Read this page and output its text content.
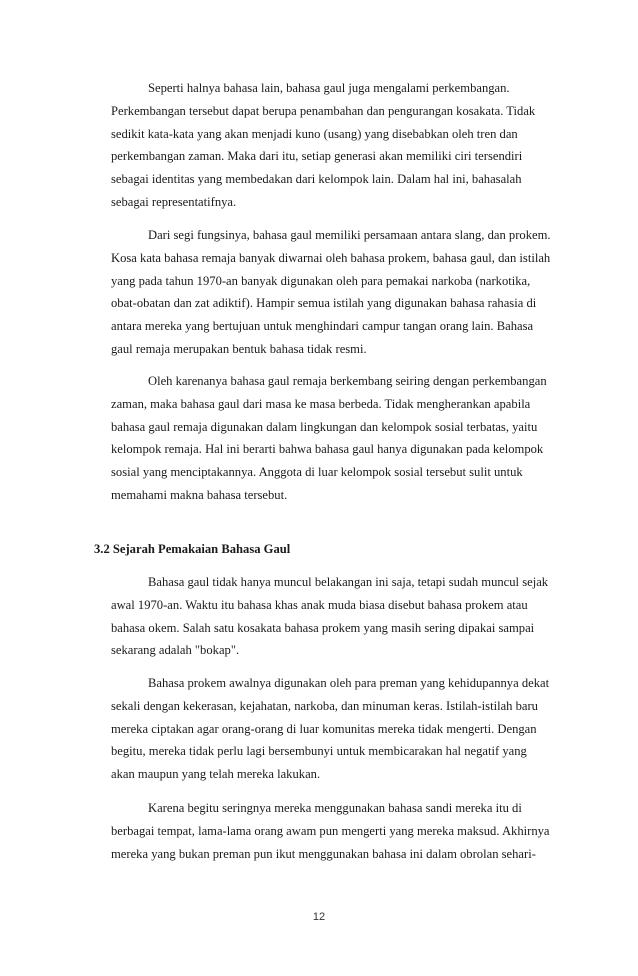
Seperti halnya bahasa lain, bahasa gaul juga mengalami perkembangan.
Perkembangan tersebut dapat berupa penambahan dan pengurangan kosakata. Tidak
sedikit kata-kata yang akan menjadi kuno (usang) yang disebabkan oleh tren dan
perkembangan zaman. Maka dari itu, setiap generasi akan memiliki ciri tersendiri
sebagai identitas yang membedakan dari kelompok lain. Dalam hal ini, bahasalah
sebagai representatifnya.

Dari segi fungsinya, bahasa gaul memiliki persamaan antara slang, dan prokem.
Kosa kata bahasa remaja banyak diwarnai oleh bahasa prokem, bahasa gaul, dan istilah
yang pada tahun 1970-an banyak digunakan oleh para pemakai narkoba (narkotika,
obat-obatan dan zat adiktif). Hampir semua istilah yang digunakan bahasa rahasia di
antara mereka yang bertujuan untuk menghindari campur tangan orang lain. Bahasa
gaul remaja merupakan bentuk bahasa tidak resmi.

Oleh karenanya bahasa gaul remaja berkembang seiring dengan perkembangan
zaman, maka bahasa gaul dari masa ke masa berbeda. Tidak mengherankan apabila
bahasa gaul remaja digunakan dalam lingkungan dan kelompok sosial terbatas, yaitu
kelompok remaja. Hal ini berarti bahwa bahasa gaul hanya digunakan pada kelompok
sosial yang menciptakannya. Anggota di luar kelompok sosial tersebut sulit untuk
memahami makna bahasa tersebut.

3.2 Sejarah Pemakaian Bahasa Gaul

Bahasa gaul tidak hanya muncul belakangan ini saja, tetapi sudah muncul sejak
awal 1970-an. Waktu itu bahasa khas anak muda biasa disebut bahasa prokem atau
bahasa okem. Salah satu kosakata bahasa prokem yang masih sering dipakai sampai
sekarang adalah "bokap".

Bahasa prokem awalnya digunakan oleh para preman yang kehidupannya dekat
sekali dengan kekerasan, kejahatan, narkoba, dan minuman keras. Istilah-istilah baru
mereka ciptakan agar orang-orang di luar komunitas mereka tidak mengerti. Dengan
begitu, mereka tidak perlu lagi bersembunyi untuk membicarakan hal negatif yang
akan maupun yang telah mereka lakukan.

Karena begitu seringnya mereka menggunakan bahasa sandi mereka itu di
berbagai tempat, lama-lama orang awam pun mengerti yang mereka maksud. Akhirnya
mereka yang bukan preman pun ikut menggunakan bahasa ini dalam obrolan sehari-

12
